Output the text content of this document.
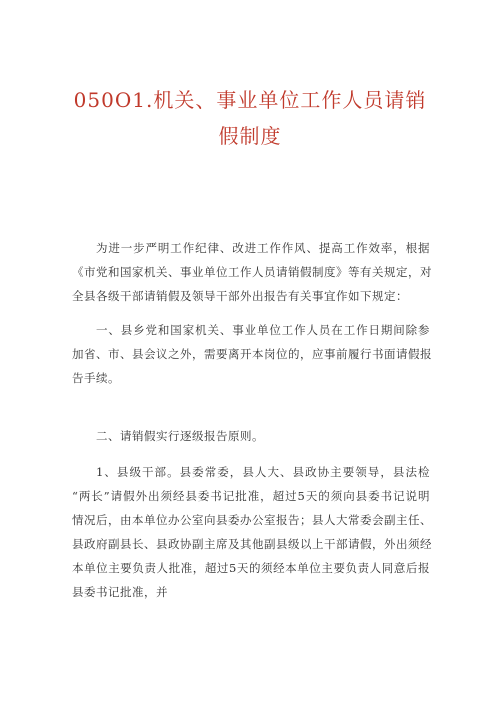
050O1.机关、事业单位工作人员请销
假制度
为进一步严明工作纪律、改进工作作风、提高工作效率，根据
《市党和国家机关、事业单位工作人员请销假制度》等有关规定，对
全县各级干部请销假及领导干部外出报告有关事宜作如下规定：
一、县乡党和国家机关、事业单位工作人员在工作日期间除参
加省、市、县会议之外，需要离开本岗位的，应事前履行书面请假报
告手续。
二、请销假实行逐级报告原则。
1、县级干部。县委常委，县人大、县政协主要领导，县法检
“两长”请假外出须经县委书记批准，超过5天的须向县委书记说明
情况后，由本单位办公室向县委办公室报告；县人大常委会副主任、
县政府副县长、县政协副主席及其他副县级以上干部请假，外出须经
本单位主要负责人批准，超过5天的须经本单位主要负责人同意后报
县委书记批准，并
